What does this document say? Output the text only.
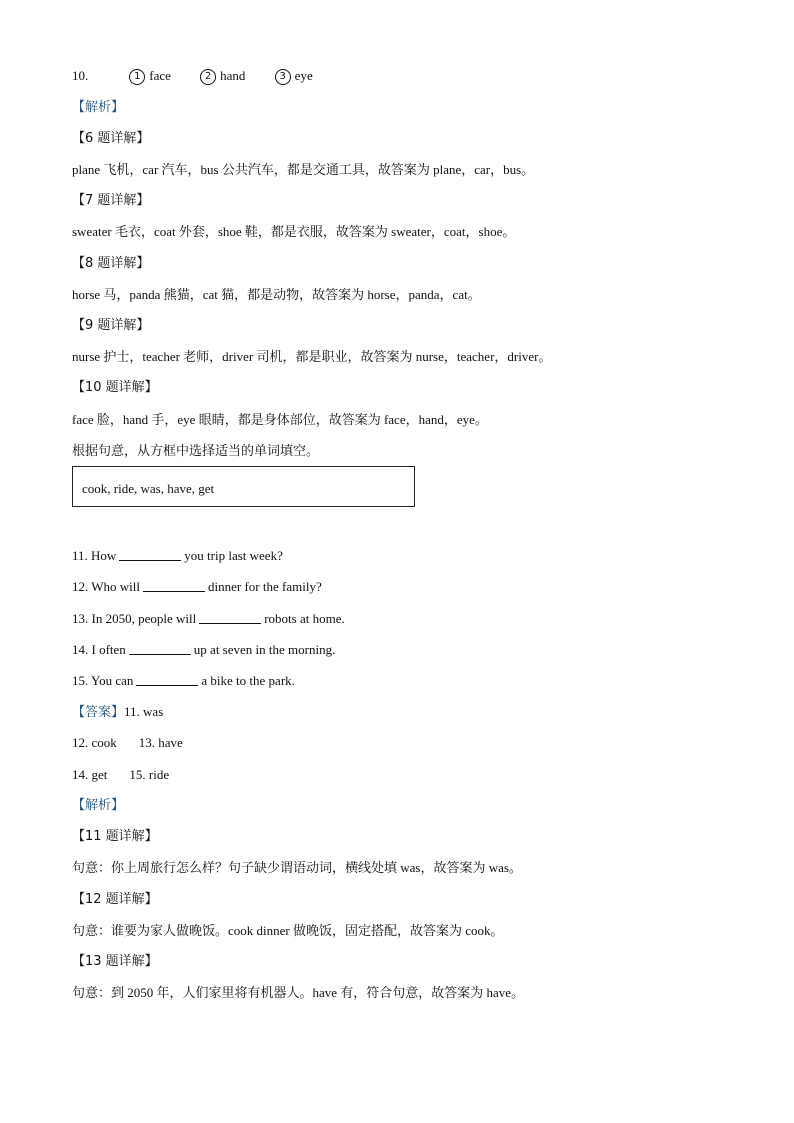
10.	1 face	2 hand	3 eye
【解析】
【6 题详解】
plane 飞机，car 汽车，bus 公共汽车，都是交通工具，故答案为 plane，car，bus。
【7 题详解】
sweater 毛衣，coat 外套，shoe 鞋，都是衣服，故答案为 sweater，coat，shoe。
【8 题详解】
horse 马，panda 熊猫，cat 猫，都是动物，故答案为 horse，panda，cat。
【9 题详解】
nurse 护士，teacher 老师，driver 司机，都是职业，故答案为 nurse，teacher，driver。
【10 题详解】
face 脸，hand 手，eye 眼睛，都是身体部位，故答案为 face，hand，eye。
根据句意，从方框中选择适当的单词填空。
cook, ride, was, have, get
11. How	you trip last week?
12. Who will	dinner for the family?
13. In 2050, people will	robots at home.
14. I often	up at seven in the morning.
15. You can	a bike to the park.
【答案】11. was
12. cook 13. have
14. get 15. ride
【解析】
【11 题详解】
句意：你上周旅行怎么样？句子缺少谓语动词，横线处填 was，故答案为 was。
【12 题详解】
句意：谁要为家人做晚饭。cook dinner 做晚饭，固定搭配，故答案为 cook。
【13 题详解】
句意：到 2050 年，人们家里将有机器人。have 有，符合句意，故答案为 have。
